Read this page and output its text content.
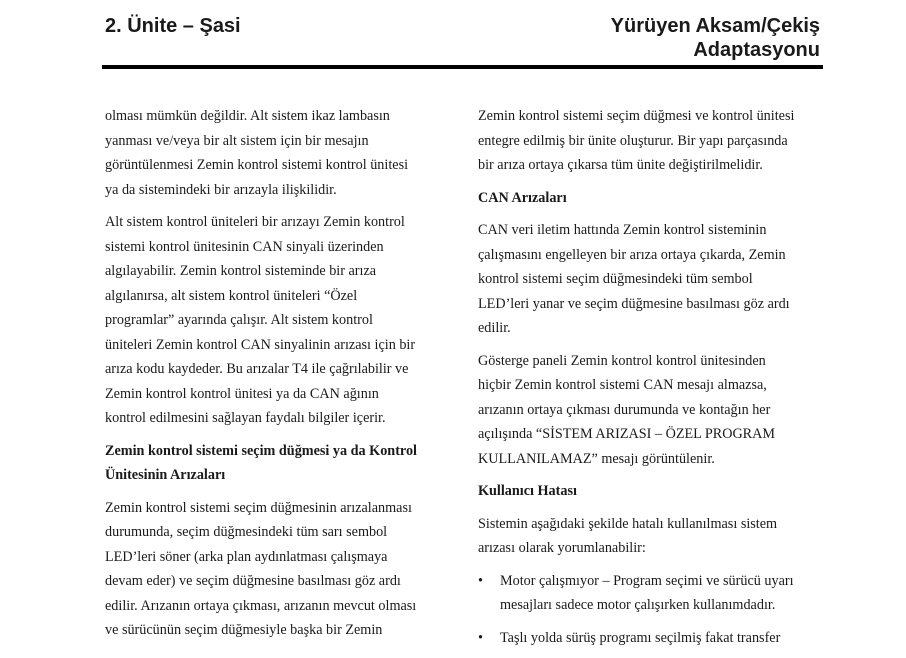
2. Ünite – Şasi	Yürüyen Aksam/Çekiş
Adaptasyonu

olması mümkün değildir. Alt sistem ikaz lambasın
yanması ve/veya bir alt sistem için bir mesajın
görüntülenmesi Zemin kontrol sistemi kontrol ünitesi
ya da sistemindeki bir arızayla ilişkilidir.

Alt sistem kontrol üniteleri bir arızayı Zemin kontrol
sistemi kontrol ünitesinin CAN sinyali üzerinden
algılayabilir. Zemin kontrol sisteminde bir arıza
algılanırsa, alt sistem kontrol üniteleri “Özel
programlar” ayarında çalışır. Alt sistem kontrol
üniteleri Zemin kontrol CAN sinyalinin arızası için bir
arıza kodu kaydeder. Bu arızalar T4 ile çağrılabilir ve
Zemin kontrol kontrol ünitesi ya da CAN ağının
kontrol edilmesini sağlayan faydalı bilgiler içerir.

Zemin kontrol sistemi seçim düğmesi ya da Kontrol
Ünitesinin Arızaları

Zemin kontrol sistemi seçim düğmesinin arızalanması
durumunda, seçim düğmesindeki tüm sarı sembol
LED’leri söner (arka plan aydınlatması çalışmaya
devam eder) ve seçim düğmesine basılması göz ardı
edilir. Arızanın ortaya çıkması, arızanın mevcut olması
ve sürücünün seçim düğmesiyle başka bir Zemin

Zemin kontrol sistemi seçim düğmesi ve kontrol ünitesi
entegre edilmiş bir ünite oluşturur. Bir yapı parçasında
bir arıza ortaya çıkarsa tüm ünite değiştirilmelidir.

CAN Arızaları

CAN veri iletim hattında Zemin kontrol sisteminin
çalışmasını engelleyen bir arıza ortaya çıkarda, Zemin
kontrol sistemi seçim düğmesindeki tüm sembol
LED’leri yanar ve seçim düğmesine basılması göz ardı
edilir.

Gösterge paneli Zemin kontrol kontrol ünitesinden
hiçbir Zemin kontrol sistemi CAN mesajı almazsa,
arızanın ortaya çıkması durumunda ve kontağın her
açılışında “SİSTEM ARIZASI – ÖZEL PROGRAM
KULLANILAMAZ” mesajı görüntülenir.

Kullanıcı Hatası

Sistemin aşağıdaki şekilde hatalı kullanılması sistem
arızası olarak yorumlanabilir:

• Motor çalışmıyor – Program seçimi ve sürücü uyarı
mesajları sadece motor çalışırken kullanımdadır.
• Taşlı yolda sürüş programı seçilmiş fakat transfer
